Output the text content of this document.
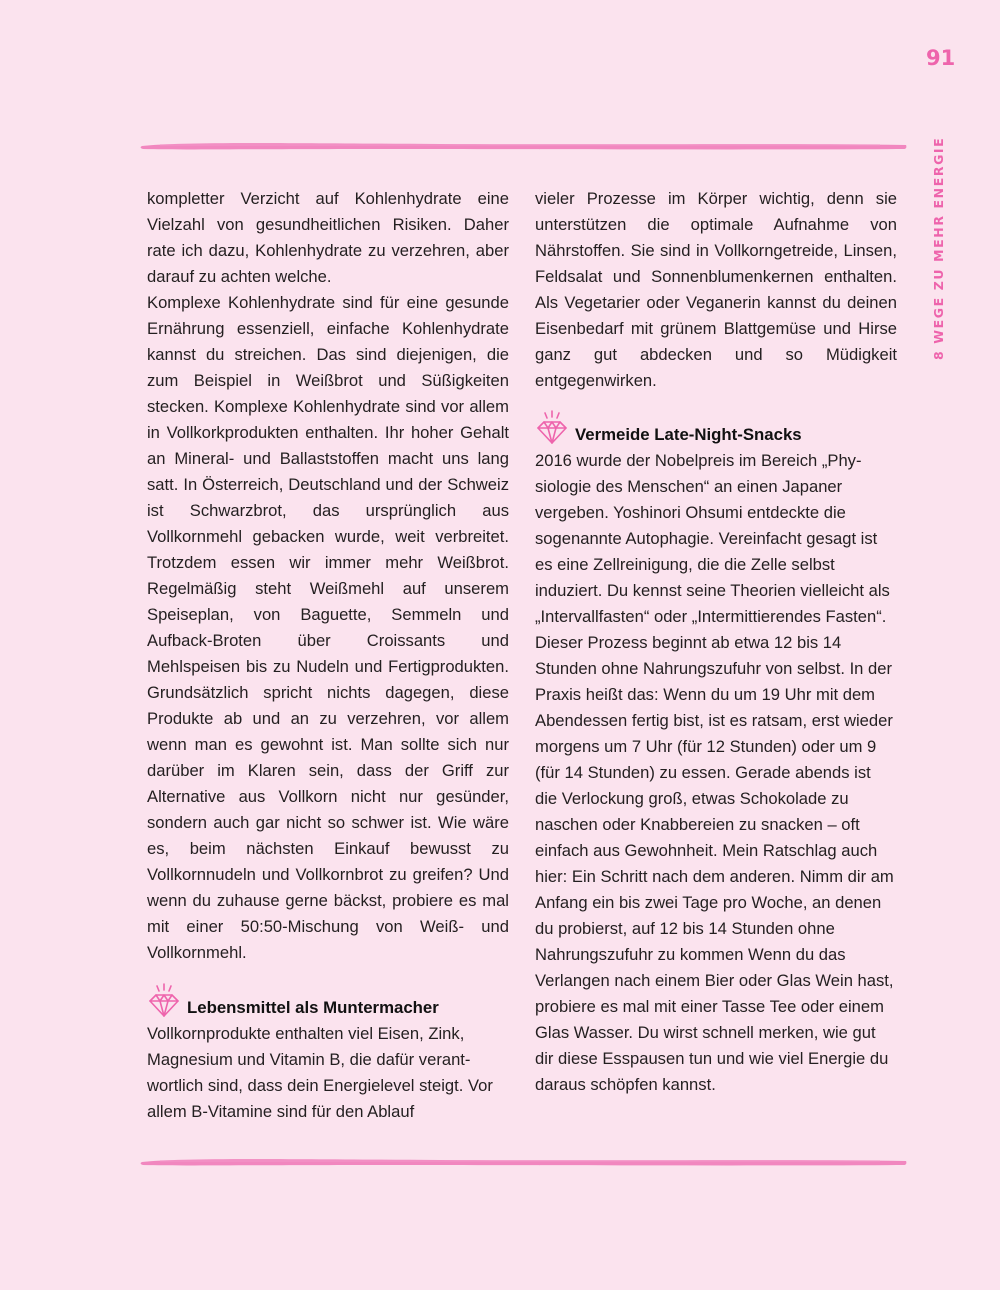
91
8 WEGE ZU MEHR ENERGIE

kompletter Verzicht auf Kohlenhydrate eine Vielzahl von gesundheitlichen Risiken. Daher rate ich dazu, Kohlenhydrate zu verzehren, aber darauf zu achten welche.

Komplexe Kohlenhydrate sind für eine gesunde Ernährung essenziell, einfache Kohlenhydrate kannst du streichen. Das sind diejenigen, die zum Beispiel in Weißbrot und Süßigkeiten stecken. Komplexe Kohlenhydrate sind vor allem in Vollkorkprodukten enthalten. Ihr hoher Gehalt an Mineral- und Ballaststoffen macht uns lang satt. In Österreich, Deutschland und der Schweiz ist Schwarzbrot, das ursprünglich aus Vollkornmehl gebacken wurde, weit verbreitet. Trotzdem essen wir immer mehr Weißbrot. Regelmäßig steht Weißmehl auf unserem Speiseplan, von Baguette, Semmeln und Aufback-Broten über Croissants und Mehlspeisen bis zu Nudeln und Fertigprodukten. Grundsätzlich spricht nichts dagegen, diese Produkte ab und an zu verzehren, vor allem wenn man es gewohnt ist. Man sollte sich nur darüber im Klaren sein, dass der Griff zur Alternative aus Vollkorn nicht nur gesünder, sondern auch gar nicht so schwer ist. Wie wäre es, beim nächsten Einkauf bewusst zu Vollkornnudeln und Vollkornbrot zu greifen? Und wenn du zuhause gerne bäckst, probiere es mal mit einer 50:50-Mischung von Weiß- und Vollkornmehl.

Lebensmittel als Muntermacher

Vollkornprodukte enthalten viel Eisen, Zink, Magnesium und Vitamin B, die dafür verantwortlich sind, dass dein Energielevel steigt. Vor allem B-Vitamine sind für den Ablauf

vieler Prozesse im Körper wichtig, denn sie unterstützen die optimale Aufnahme von Nährstoffen. Sie sind in Vollkorngetreide, Linsen, Feldsalat und Sonnenblumenkernen enthalten. Als Vegetarier oder Veganerin kannst du deinen Eisenbedarf mit grünem Blattgemüse und Hirse ganz gut abdecken und so Müdigkeit entgegenwirken.

Vermeide Late-Night-Snacks

2016 wurde der Nobelpreis im Bereich „Physiologie des Menschen“ an einen Japaner vergeben. Yoshinori Ohsumi entdeckte die sogenannte Autophagie. Vereinfacht gesagt ist es eine Zellreinigung, die die Zelle selbst induziert. Du kennst seine Theorien vielleicht als „Intervallfasten“ oder „Intermittierendes Fasten“. Dieser Prozess beginnt ab etwa 12 bis 14 Stunden ohne Nahrungszufuhr von selbst. In der Praxis heißt das: Wenn du um 19 Uhr mit dem Abendessen fertig bist, ist es ratsam, erst wieder morgens um 7 Uhr (für 12 Stunden) oder um 9 (für 14 Stunden) zu essen. Gerade abends ist die Verlockung groß, etwas Schokolade zu naschen oder Knabbereien zu snacken – oft einfach aus Gewohnheit. Mein Ratschlag auch hier: Ein Schritt nach dem anderen. Nimm dir am Anfang ein bis zwei Tage pro Woche, an denen du probierst, auf 12 bis 14 Stunden ohne Nahrungszufuhr zu kommen Wenn du das Verlangen nach einem Bier oder Glas Wein hast, probiere es mal mit einer Tasse Tee oder einem Glas Wasser. Du wirst schnell merken, wie gut dir diese Esspausen tun und wie viel Energie du daraus schöpfen kannst.
